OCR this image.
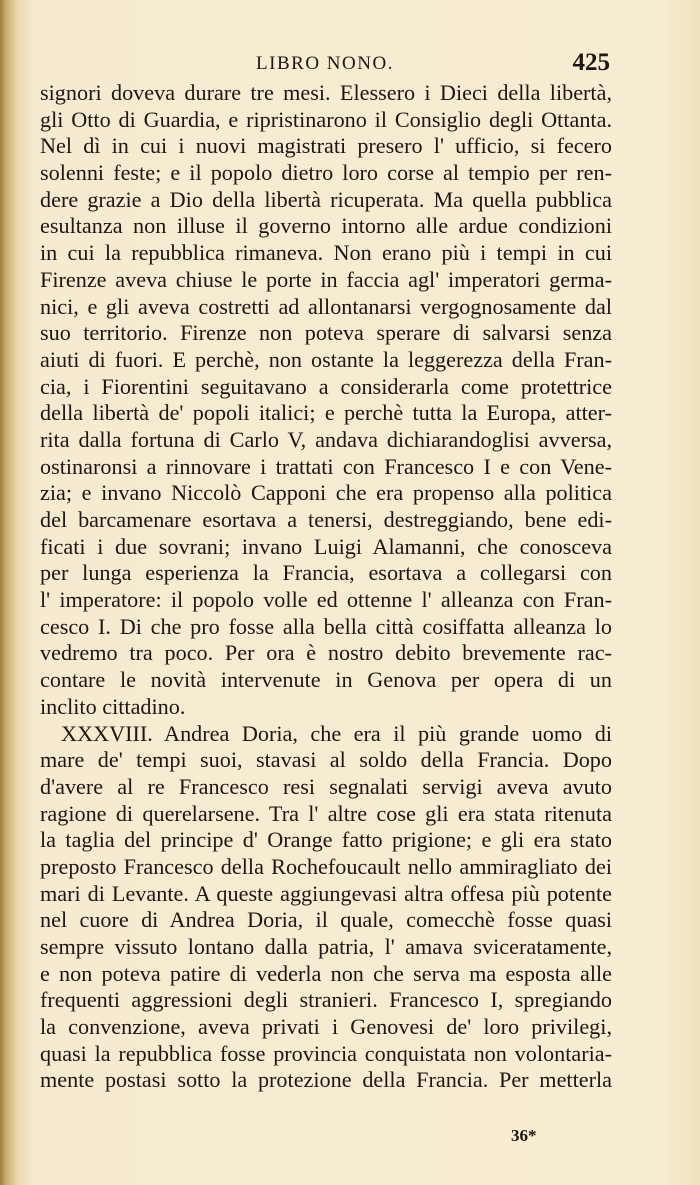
LIBRO NONO.	425
signori doveva durare tre mesi. Elessero i Dieci della libertà,
gli Otto di Guardia, e ripristinarono il Consiglio degli Ottanta.
Nel dì in cui i nuovi magistrati presero l' ufficio, si fecero
solenni feste; e il popolo dietro loro corse al tempio per ren-
dere grazie a Dio della libertà ricuperata. Ma quella pubblica
esultanza non illuse il governo intorno alle ardue condizioni
in cui la repubblica rimaneva. Non erano più i tempi in cui
Firenze aveva chiuse le porte in faccia agl' imperatori germa-
nici, e gli aveva costretti ad allontanarsi vergognosamente dal
suo territorio. Firenze non poteva sperare di salvarsi senza
aiuti di fuori. E perchè, non ostante la leggerezza della Fran-
cia, i Fiorentini seguitavano a considerarla come protettrice
della libertà de' popoli italici; e perchè tutta la Europa, atter-
rita dalla fortuna di Carlo V, andava dichiarandoglisi avversa,
ostinaronsi a rinnovare i trattati con Francesco I e con Vene-
zia; e invano Niccolò Capponi che era propenso alla politica
del barcamenare esortava a tenersi, destreggiando, bene edi-
ficati i due sovrani; invano Luigi Alamanni, che conosceva
per lunga esperienza la Francia, esortava a collegarsi con
l' imperatore: il popolo volle ed ottenne l' alleanza con Fran-
cesco I. Di che pro fosse alla bella città cosiffatta alleanza lo
vedremo tra poco. Per ora è nostro debito brevemente rac-
contare le novità intervenute in Genova per opera di un
inclito cittadino.
XXXVIII. Andrea Doria, che era il più grande uomo di
mare de' tempi suoi, stavasi al soldo della Francia. Dopo
d'avere al re Francesco resi segnalati servigi aveva avuto
ragione di querelarsene. Tra l' altre cose gli era stata ritenuta
la taglia del principe d' Orange fatto prigione; e gli era stato
preposto Francesco della Rochefoucault nello ammiragliato dei
mari di Levante. A queste aggiungevasi altra offesa più potente
nel cuore di Andrea Doria, il quale, comecchè fosse quasi
sempre vissuto lontano dalla patria, l' amava sviceratamente,
e non poteva patire di vederla non che serva ma esposta alle
frequenti aggressioni degli stranieri. Francesco I, spregiando
la convenzione, aveva privati i Genovesi de' loro privilegi,
quasi la repubblica fosse provincia conquistata non volontaria-
mente postasi sotto la protezione della Francia. Per metterla
36*
